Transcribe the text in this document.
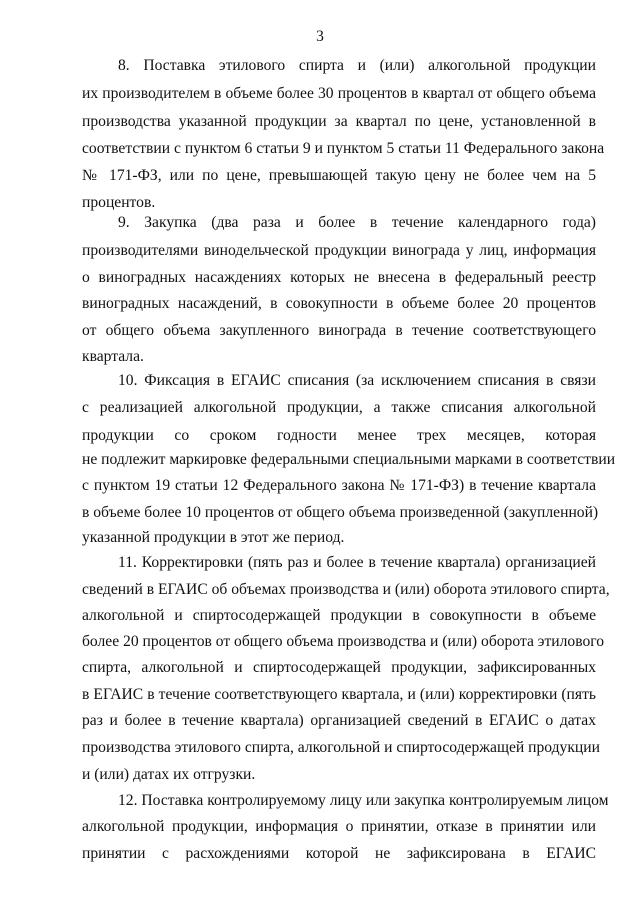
3
8. Поставка этилового спирта и (или) алкогольной продукции
их производителем в объеме более 30 процентов в квартал от общего объема
производства указанной продукции за квартал по цене, установленной в
соответствии с пунктом 6 статьи 9 и пунктом 5 статьи 11 Федерального закона
№ 171-ФЗ, или по цене, превышающей такую цену не более чем на 5
процентов.
9. Закупка (два раза и более в течение календарного года)
производителями винодельческой продукции винограда у лиц, информация
о виноградных насаждениях которых не внесена в федеральный реестр
виноградных насаждений, в совокупности в объеме более 20 процентов
от общего объема закупленного винограда в течение соответствующего
квартала.
10. Фиксация в ЕГАИС списания (за исключением списания в связи
с реализацией алкогольной продукции, а также списания алкогольной
продукции со сроком годности менее трех месяцев, которая
не подлежит маркировке федеральными специальными марками в соответствии
с пунктом 19 статьи 12 Федерального закона № 171-ФЗ) в течение квартала
в объеме более 10 процентов от общего объема произведенной (закупленной)
указанной продукции в этот же период.
11. Корректировки (пять раз и более в течение квартала) организацией
сведений в ЕГАИС об объемах производства и (или) оборота этилового спирта,
алкогольной и спиртосодержащей продукции в совокупности в объеме
более 20 процентов от общего объема производства и (или) оборота этилового
спирта, алкогольной и спиртосодержащей продукции, зафиксированных
в ЕГАИС в течение соответствующего квартала, и (или) корректировки (пять
раз и более в течение квартала) организацией сведений в ЕГАИС о датах
производства этилового спирта, алкогольной и спиртосодержащей продукции
и (или) датах их отгрузки.
12. Поставка контролируемому лицу или закупка контролируемым лицом
алкогольной продукции, информация о принятии, отказе в принятии или
принятии с расхождениями которой не зафиксирована в ЕГАИС
